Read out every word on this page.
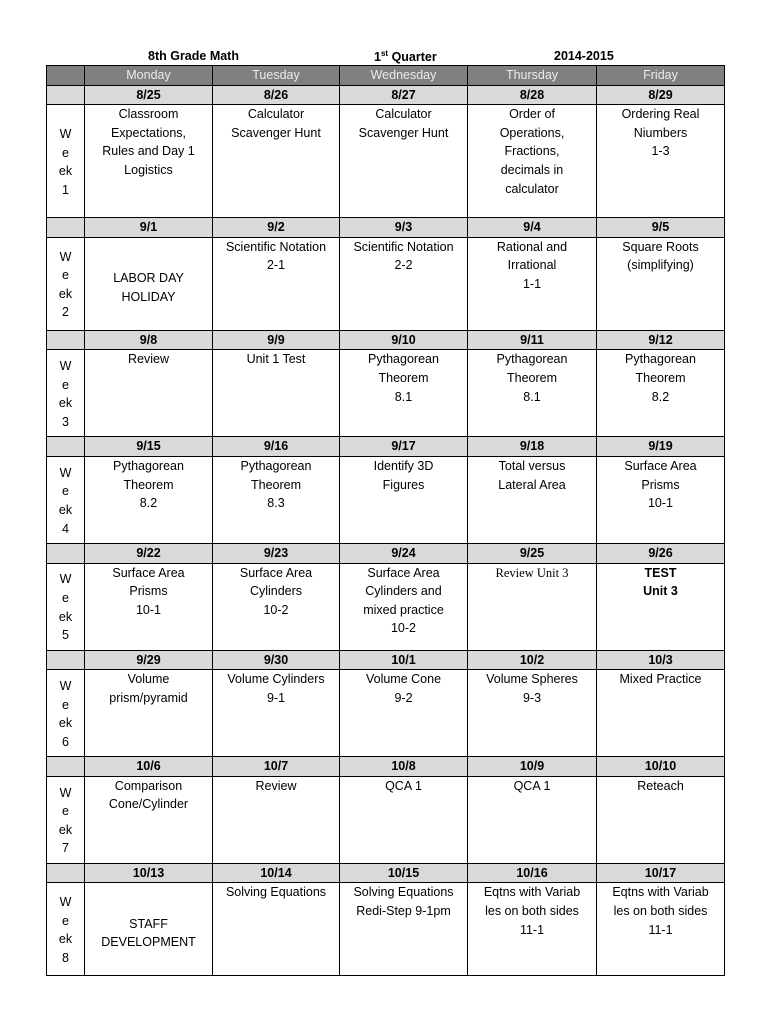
8th Grade Math	1st Quarter	2014-2015
	Monday	Tuesday	Wednesday	Thursday	Friday
	8/25	8/26	8/27	8/28	8/29

W
e
ek
1	Classroom
Expectations,
Rules and Day 1
Logistics	Calculator
Scavenger Hunt	Calculator
Scavenger Hunt	Order of
Operations,
Fractions,
decimals in
calculator	Ordering Real
Niumbers
1-3

	9/1	9/2	9/3	9/4	9/5

W
e
ek
2	LABOR DAY
HOLIDAY	Scientific Notation
2-1	Scientific Notation
2-2	Rational and
Irrational
1-1	Square Roots
(simplifying)

	9/8	9/9	9/10	9/11	9/12

W
e
ek
3	Review	Unit 1 Test	Pythagorean
Theorem
8.1	Pythagorean
Theorem
8.1	Pythagorean
Theorem
8.2

	9/15	9/16	9/17	9/18	9/19

W
e
ek
4	Pythagorean
Theorem
8.2	Pythagorean
Theorem
8.3	Identify 3D
Figures	Total versus
Lateral Area	Surface Area
Prisms
10-1

	9/22	9/23	9/24	9/25	9/26

W
e
ek
5	Surface Area
Prisms
10-1	Surface Area
Cylinders
10-2	Surface Area
Cylinders and
mixed practice
10-2	Review Unit 3	TEST
Unit 3

	9/29	9/30	10/1	10/2	10/3

W
e
ek
6	Volume
prism/pyramid	Volume Cylinders
9-1	Volume Cone
9-2	Volume Spheres
9-3	Mixed Practice

	10/6	10/7	10/8	10/9	10/10

W
e
ek
7	Comparison
Cone/Cylinder	Review	QCA 1	QCA 1	Reteach

	10/13	10/14	10/15	10/16	10/17

W
e
ek
8	STAFF
DEVELOPMENT	Solving Equations	Solving Equations
Redi-Step 9-1pm	Eqtns with Variab
les on both sides
11-1	Eqtns with Variab
les on both sides
11-1
